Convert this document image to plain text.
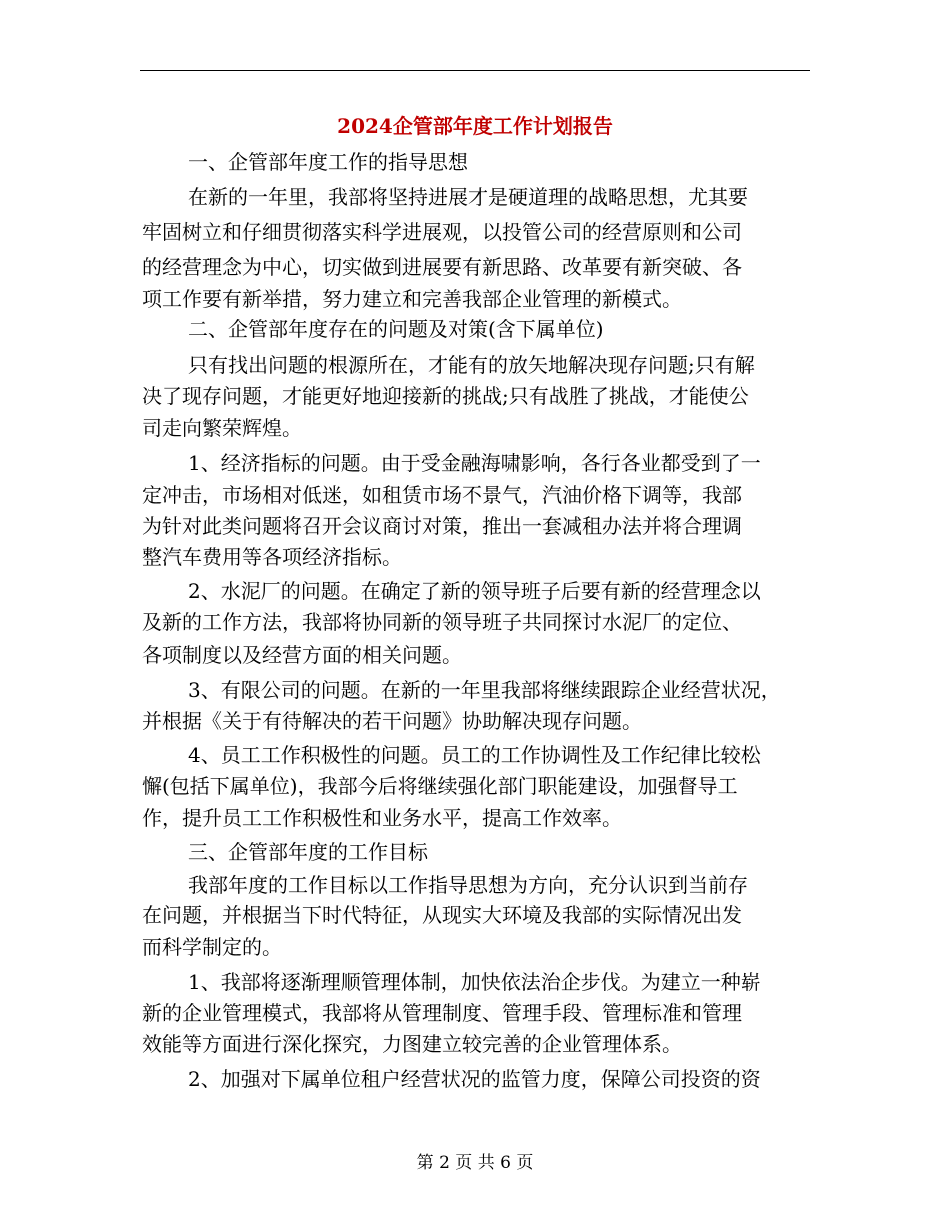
2024企管部年度工作计划报告
一、企管部年度工作的指导思想
在新的一年里，我部将坚持进展才是硬道理的战略思想，尤其要
牢固树立和仔细贯彻落实科学进展观，以投管公司的经营原则和公司
的经营理念为中心，切实做到进展要有新思路、改革要有新突破、各
项工作要有新举措，努力建立和完善我部企业管理的新模式。
二、企管部年度存在的问题及对策(含下属单位)
只有找出问题的根源所在，才能有的放矢地解决现存问题;只有解
决了现存问题，才能更好地迎接新的挑战;只有战胜了挑战，才能使公
司走向繁荣辉煌。
1、经济指标的问题。由于受金融海啸影响，各行各业都受到了一
定冲击，市场相对低迷，如租赁市场不景气，汽油价格下调等，我部
为针对此类问题将召开会议商讨对策，推出一套减租办法并将合理调
整汽车费用等各项经济指标。
2、水泥厂的问题。在确定了新的领导班子后要有新的经营理念以
及新的工作方法，我部将协同新的领导班子共同探讨水泥厂的定位、
各项制度以及经营方面的相关问题。
3、有限公司的问题。在新的一年里我部将继续跟踪企业经营状况，
并根据《关于有待解决的若干问题》协助解决现存问题。
4、员工工作积极性的问题。员工的工作协调性及工作纪律比较松
懈(包括下属单位)，我部今后将继续强化部门职能建设，加强督导工
作，提升员工工作积极性和业务水平，提高工作效率。
三、企管部年度的工作目标
我部年度的工作目标以工作指导思想为方向，充分认识到当前存
在问题，并根据当下时代特征，从现实大环境及我部的实际情况出发
而科学制定的。
1、我部将逐渐理顺管理体制，加快依法治企步伐。为建立一种崭
新的企业管理模式，我部将从管理制度、管理手段、管理标准和管理
效能等方面进行深化探究，力图建立较完善的企业管理体系。
2、加强对下属单位租户经营状况的监管力度，保障公司投资的资
第 2 页 共 6 页
